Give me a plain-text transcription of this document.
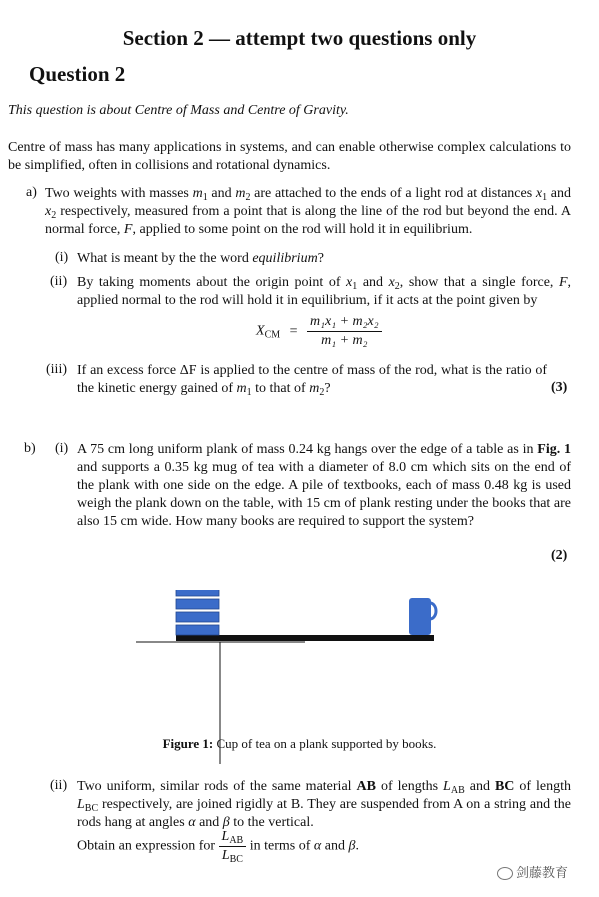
Section 2 — attempt two questions only
Question 2
This question is about Centre of Mass and Centre of Gravity.
Centre of mass has many applications in systems, and can enable otherwise complex calculations to be simplified, often in collisions and rotational dynamics.
a) Two weights with masses $m_1$ and $m_2$ are attached to the ends of a light rod at distances $x_1$ and $x_2$ respectively, measured from a point that is along the line of the rod but beyond the end. A normal force, F, applied to some point on the rod will hold it in equilibrium.
(i) What is meant by the the word equilibrium?
(ii) By taking moments about the origin point of $x_1$ and $x_2$, show that a single force, F, applied normal to the rod will hold it in equilibrium, if it acts at the point given by
$X_{CM} = \frac{\text{m₁x₁ + m₂x₂}}{\text{m₁ + m₂}}$
(iii) If an excess force ΔF is applied to the centre of mass of the rod, what is the ratio of the kinetic energy gained of $m_1$ to that of $m_2$?	(3)
b) (i) A 75 cm long uniform plank of mass 0.24 kg hangs over the edge of a table as in Fig. 1 and supports a 0.35 kg mug of tea with a diameter of 8.0 cm which sits on the end of the plank with one side on the edge. A pile of textbooks, each of mass 0.48 kg is used weigh the plank down on the table, with 15 cm of plank resting under the books that are also 15 cm wide. How many books are required to support the system?
(2)
Figure 1: Cup of tea on a plank supported by books.
(ii) Two uniform, similar rods of the same material AB of lengths $L_{AB}$ and BC of length $L_{BC}$ respectively, are joined rigidly at B. They are suspended from A on a string and the rods hang at angles α and β to the vertical.
Obtain an expression for $\frac{L_{AB}}{L_{BC}}$ in terms of α and β.
剑藤教育
